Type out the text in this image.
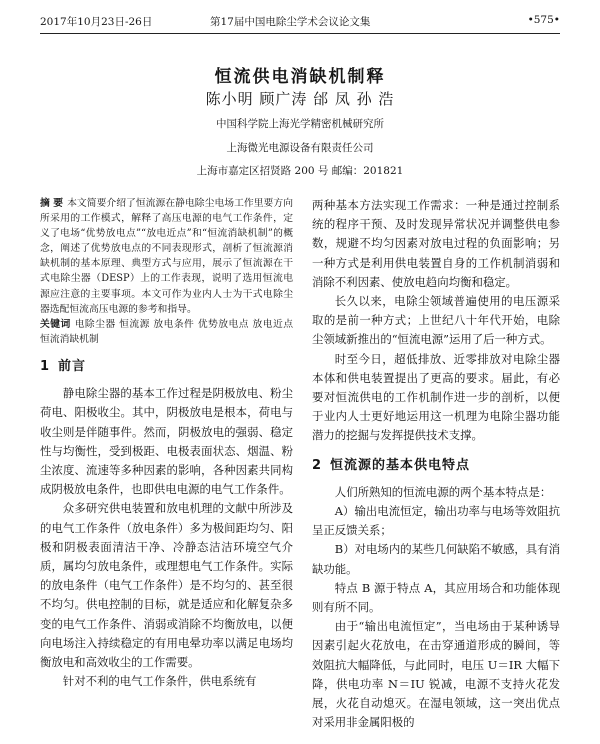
2017年10月23日-26日	第17届中国电除尘学术会议论文集	•575•
恒流供电消缺机制释
陈小明 顾广涛 邰 凤 孙 浩
中国科学院上海光学精密机械研究所
上海微光电源设备有限责任公司
上海市嘉定区招贤路 200 号 邮编：201821

摘 要 本文简要介绍了恒流源在静电除尘电场工作里要方向所采用的工作模式，解释了高压电源的电气工作条件，定义了电场“优势放电点”“放电近点”和“恒流消缺机制”的概念，阐述了优势放电点的不同表现形式，剖析了恒流源消缺机制的基本原理、典型方式与应用，展示了恒流源在干式电除尘器（DESP）上的工作表现，说明了选用恒流电源应注意的主要事项。本文可作为业内人士为干式电除尘器选配恒流高压电源的参考和指导。

关键词 电除尘器 恒流源 放电条件 优势放电点 放电近点 恒流消缺机制

1 前言

静电除尘器的基本工作过程是阴极放电、粉尘荷电、阳极收尘。其中，阴极放电是根本，荷电与收尘则是伴随事件。然而，阴极放电的强弱、稳定性与均衡性，受到极距、电极表面状态、烟温、粉尘浓度、流速等多种因素的影响，各种因素共同构成阴极放电条件，也即供电电源的电气工作条件。

众多研究供电装置和放电机理的文献中所涉及的电气工作条件（放电条件）多为极间距均匀、阳极和阴极表面清洁干净、冷静态洁洁环境空气介质，属均匀放电条件，或理想电气工作条件。实际的放电条件（电气工作条件）是不均匀的、甚至很不均匀。供电控制的目标，就是适应和化解复杂多变的电气工作条件、消弱或消除不均衡放电，以便向电场注入持续稳定的有用电晕功率以满足电场均衡放电和高效收尘的工作需要。

针对不利的电气工作条件，供电系统有

两种基本方法实现工作需求：一种是通过控制系统的程序干预、及时发现异常状况并调整供电参数，规避不均匀因素对放电过程的负面影响；另一种方式是利用供电装置自身的工作机制消弱和消除不利因素、使放电趋向均衡和稳定。

长久以来，电除尘领域普遍使用的电压源采取的是前一种方式；上世纪八十年代开始，电除尘领域新推出的“恒流电源”运用了后一种方式。

时至今日，超低排放、近零排放对电除尘器本体和供电装置提出了更高的要求。届此，有必要对恒流供电的工作机制作进一步的剖析，以便于业内人士更好地运用这一机理为电除尘器功能潜力的挖掘与发挥提供技术支撑。

2 恒流源的基本供电特点

人们所熟知的恒流电源的两个基本特点是：

A）输出电流恒定，输出功率与电场等效阻抗呈正反馈关系；

B）对电场内的某些几何缺陷不敏感，具有消缺功能。

特点 B 源于特点 A，其应用场合和功能体现则有所不同。

由于“输出电流恒定”，当电场由于某种诱导因素引起火花放电，在击穿通道形成的瞬间，等效阻抗大幅降低，与此同时，电压 U＝IR 大幅下降，供电功率 N＝IU 锐减，电源不支持火花发展，火花自动熄灭。在湿电领域，这一突出优点对采用非金属阳极的
